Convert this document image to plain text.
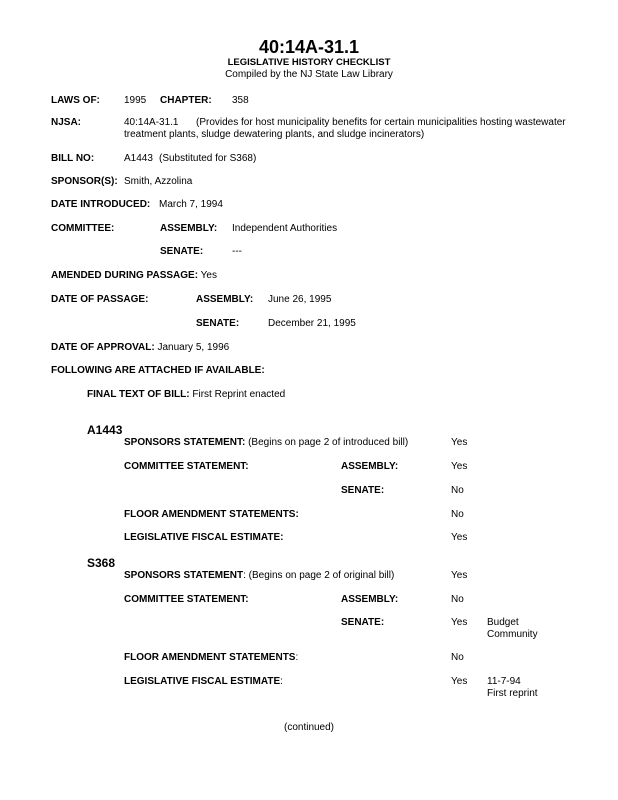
40:14A-31.1
LEGISLATIVE HISTORY CHECKLIST
Compiled by the NJ State Law Library
LAWS OF: 1995 CHAPTER: 358
NJSA:	40:14A-31.1 (Provides for host municipality benefits for certain municipalities hosting wastewater
treatment plants, sludge dewatering plants, and sludge incinerators)
BILL NO:	A1443 (Substituted for S368)
SPONSOR(S): Smith, Azzolina
DATE INTRODUCED: March 7, 1994
COMMITTEE:	ASSEMBLY: Independent Authorities
SENATE:	---
AMENDED DURING PASSAGE: Yes
DATE OF PASSAGE:	ASSEMBLY: June 26, 1995
SENATE:	December 21, 1995
DATE OF APPROVAL: January 5, 1996
FOLLOWING ARE ATTACHED IF AVAILABLE:
FINAL TEXT OF BILL: First Reprint enacted
A1443
SPONSORS STATEMENT: (Begins on page 2 of introduced bill)	Yes
COMMITTEE STATEMENT:	ASSEMBLY:	Yes
SENATE:	No
FLOOR AMENDMENT STATEMENTS:	No
LEGISLATIVE FISCAL ESTIMATE:	Yes
S368
SPONSORS STATEMENT: (Begins on page 2 of original bill)	Yes
COMMITTEE STATEMENT:	ASSEMBLY:	No
SENATE:	Yes Budget
Community
FLOOR AMENDMENT STATEMENTS:	No
LEGISLATIVE FISCAL ESTIMATE:	Yes 11-7-94
First reprint
(continued)
